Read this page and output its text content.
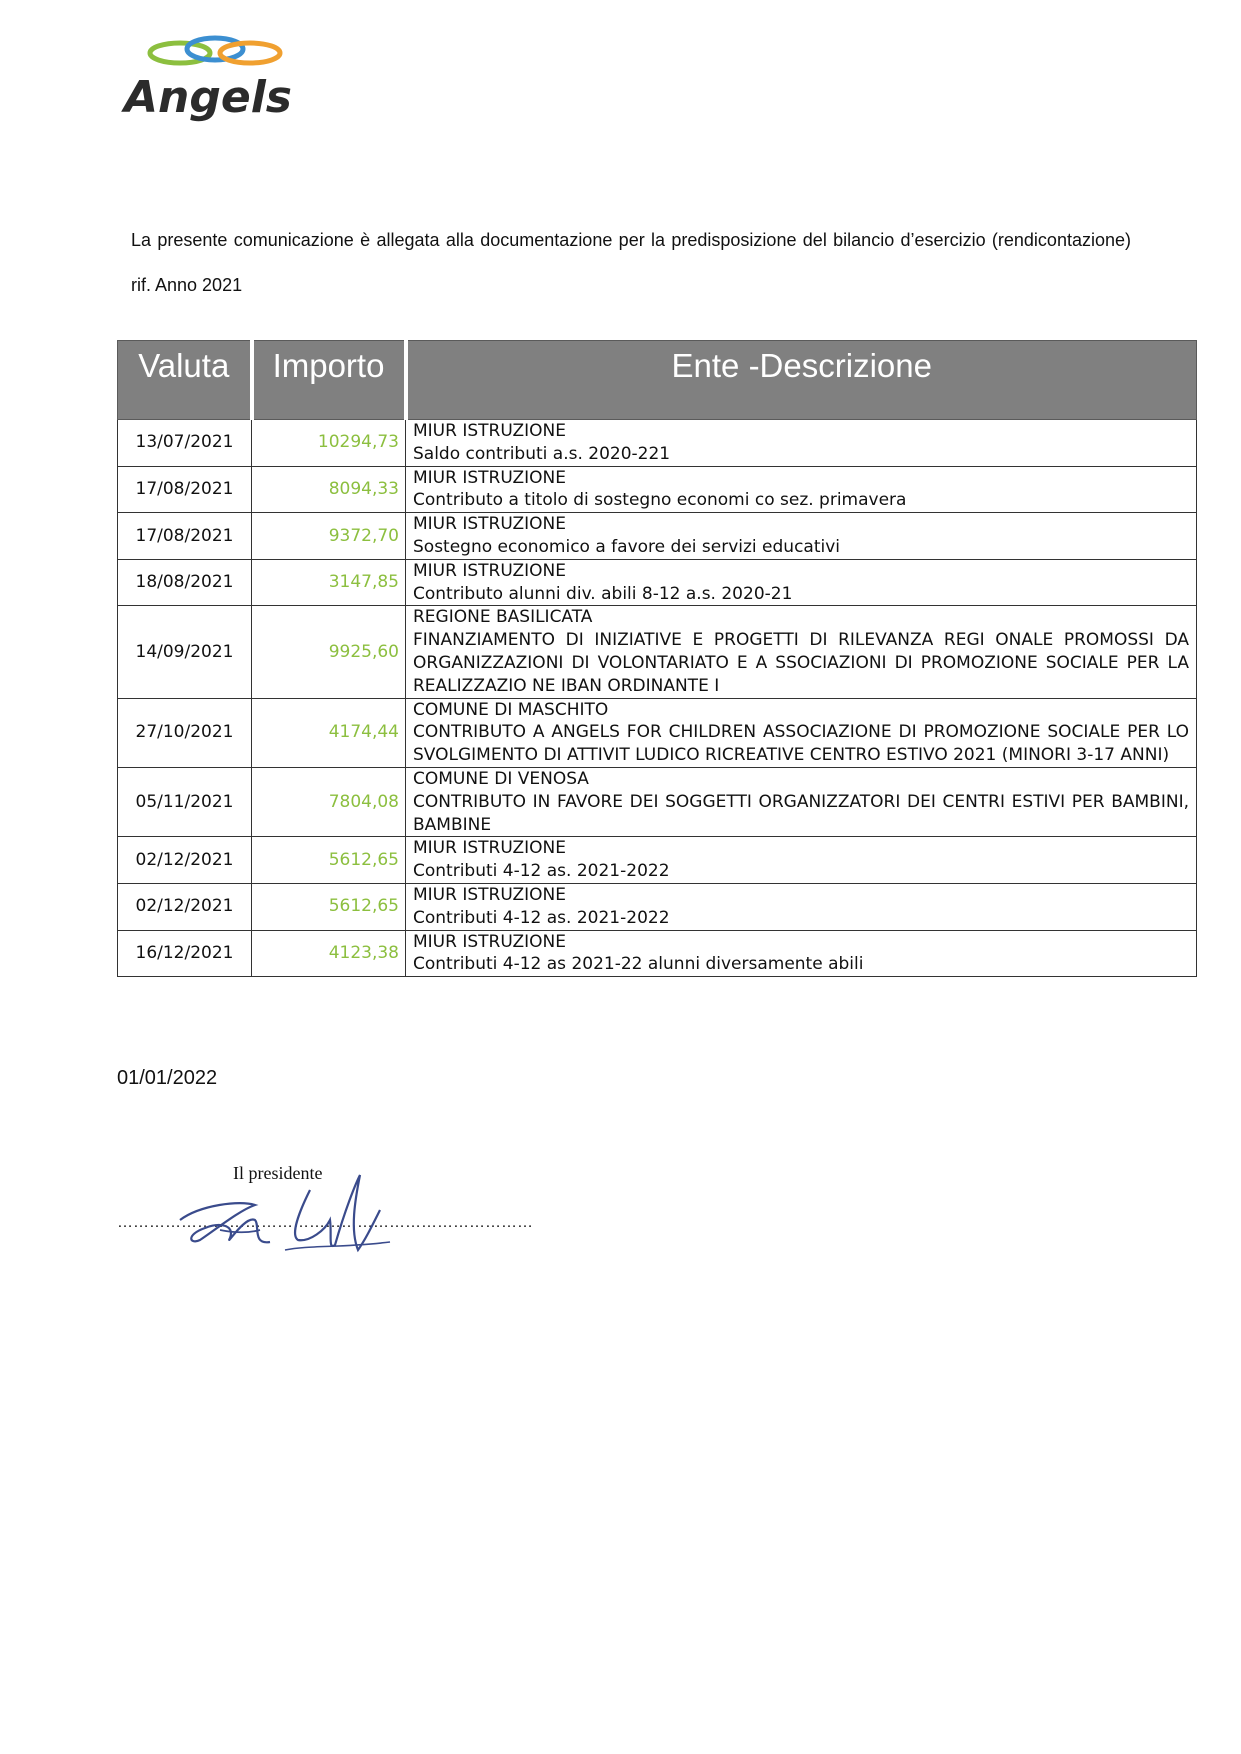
Angels
La presente comunicazione è allegata alla documentazione per la predisposizione del bilancio d’esercizio (rendicontazione) rif. Anno 2021
Valuta	Importo	Ente -Descrizione
13/07/2021	10294,73	MIUR ISTRUZIONE
Saldo contributi a.s. 2020-221

17/08/2021	8094,33	MIUR ISTRUZIONE
Contributo a titolo di sostegno economi co sez. primavera

17/08/2021	9372,70	MIUR ISTRUZIONE
Sostegno economico a favore dei servizi educativi

18/08/2021	3147,85	MIUR ISTRUZIONE
Contributo alunni div. abili 8-12 a.s. 2020-21

14/09/2021	9925,60	REGIONE BASILICATA
FINANZIAMENTO DI INIZIATIVE E PROGETTI DI RILEVANZA REGI ONALE PROMOSSI DA ORGANIZZAZIONI DI VOLONTARIATO E A SSOCIAZIONI DI PROMOZIONE SOCIALE PER LA REALIZZAZIO NE IBAN ORDINANTE I

27/10/2021	4174,44	COMUNE DI MASCHITO
CONTRIBUTO A ANGELS FOR CHILDREN ASSOCIAZIONE DI PROMOZIONE SOCIALE PER LO SVOLGIMENTO DI ATTIVIT LUDICO RICREATIVE CENTRO ESTIVO 2021 (MINORI 3-17 ANNI)

05/11/2021	7804,08	COMUNE DI VENOSA
CONTRIBUTO IN FAVORE DEI SOGGETTI ORGANIZZATORI DEI CENTRI ESTIVI PER BAMBINI, BAMBINE

02/12/2021	5612,65	MIUR ISTRUZIONE
Contributi 4-12 as. 2021-2022

02/12/2021	5612,65	MIUR ISTRUZIONE
Contributi 4-12 as. 2021-2022

16/12/2021	4123,38	MIUR ISTRUZIONE
Contributi 4-12 as 2021-22 alunni diversamente abili
01/01/2022
Il presidente
……………………………………………………………………
